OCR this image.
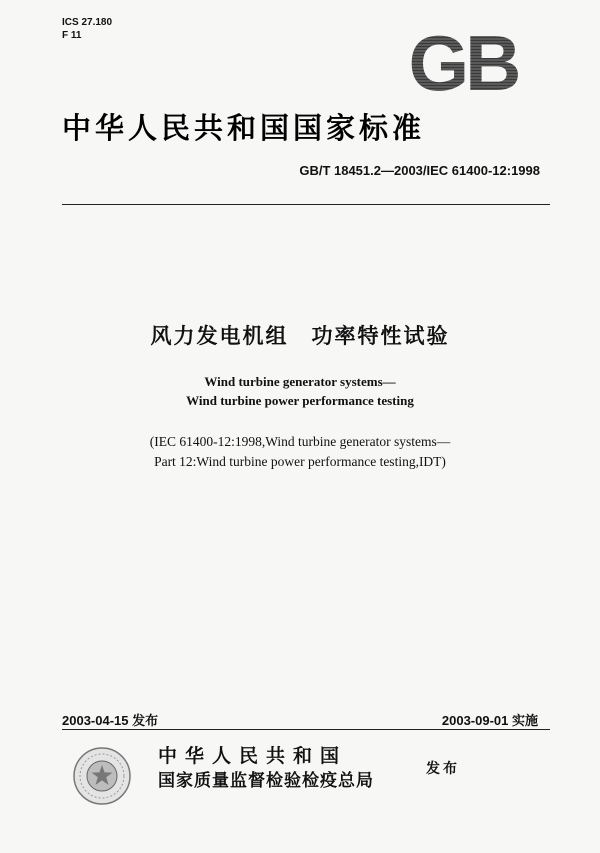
ICS 27.180
F 11	GB
中华人民共和国国家标准
GB/T 18451.2—2003/IEC 61400-12:1998
风力发电机组　功率特性试验
Wind turbine generator systems—
Wind turbine power performance testing
(IEC 61400-12:1998,Wind turbine generator systems—
Part 12:Wind turbine power performance testing,IDT)
2003-04-15 发布	2003-09-01 实施
中华人民共和国
国家质量监督检验检疫总局
发布
